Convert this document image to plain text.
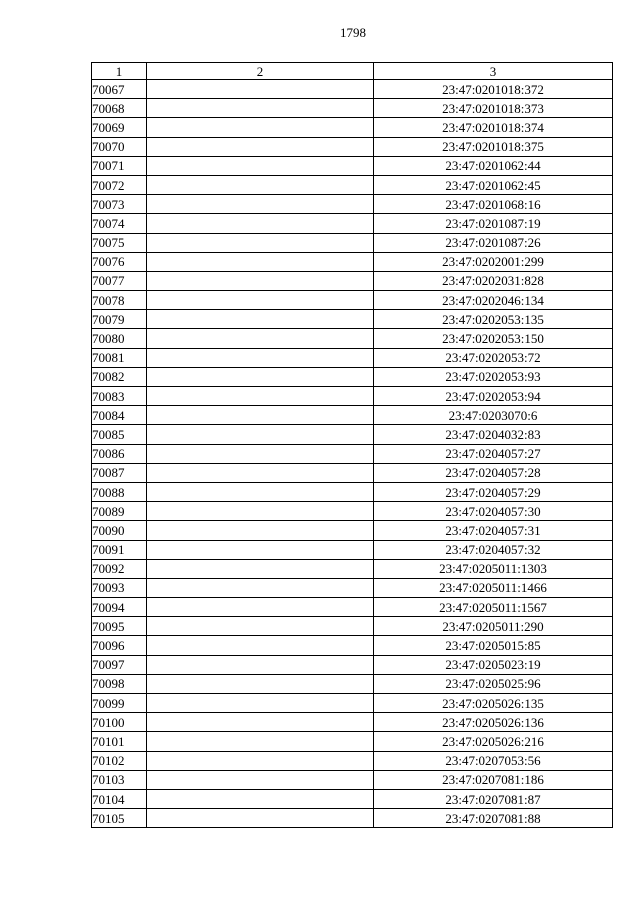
1798
1	2	3
70067		23:47:0201018:372
70068		23:47:0201018:373
70069		23:47:0201018:374
70070		23:47:0201018:375
70071		23:47:0201062:44
70072		23:47:0201062:45
70073		23:47:0201068:16
70074		23:47:0201087:19
70075		23:47:0201087:26
70076		23:47:0202001:299
70077		23:47:0202031:828
70078		23:47:0202046:134
70079		23:47:0202053:135
70080		23:47:0202053:150
70081		23:47:0202053:72
70082		23:47:0202053:93
70083		23:47:0202053:94
70084		23:47:0203070:6
70085		23:47:0204032:83
70086		23:47:0204057:27
70087		23:47:0204057:28
70088		23:47:0204057:29
70089		23:47:0204057:30
70090		23:47:0204057:31
70091		23:47:0204057:32
70092		23:47:0205011:1303
70093		23:47:0205011:1466
70094		23:47:0205011:1567
70095		23:47:0205011:290
70096		23:47:0205015:85
70097		23:47:0205023:19
70098		23:47:0205025:96
70099		23:47:0205026:135
70100		23:47:0205026:136
70101		23:47:0205026:216
70102		23:47:0207053:56
70103		23:47:0207081:186
70104		23:47:0207081:87
70105		23:47:0207081:88
